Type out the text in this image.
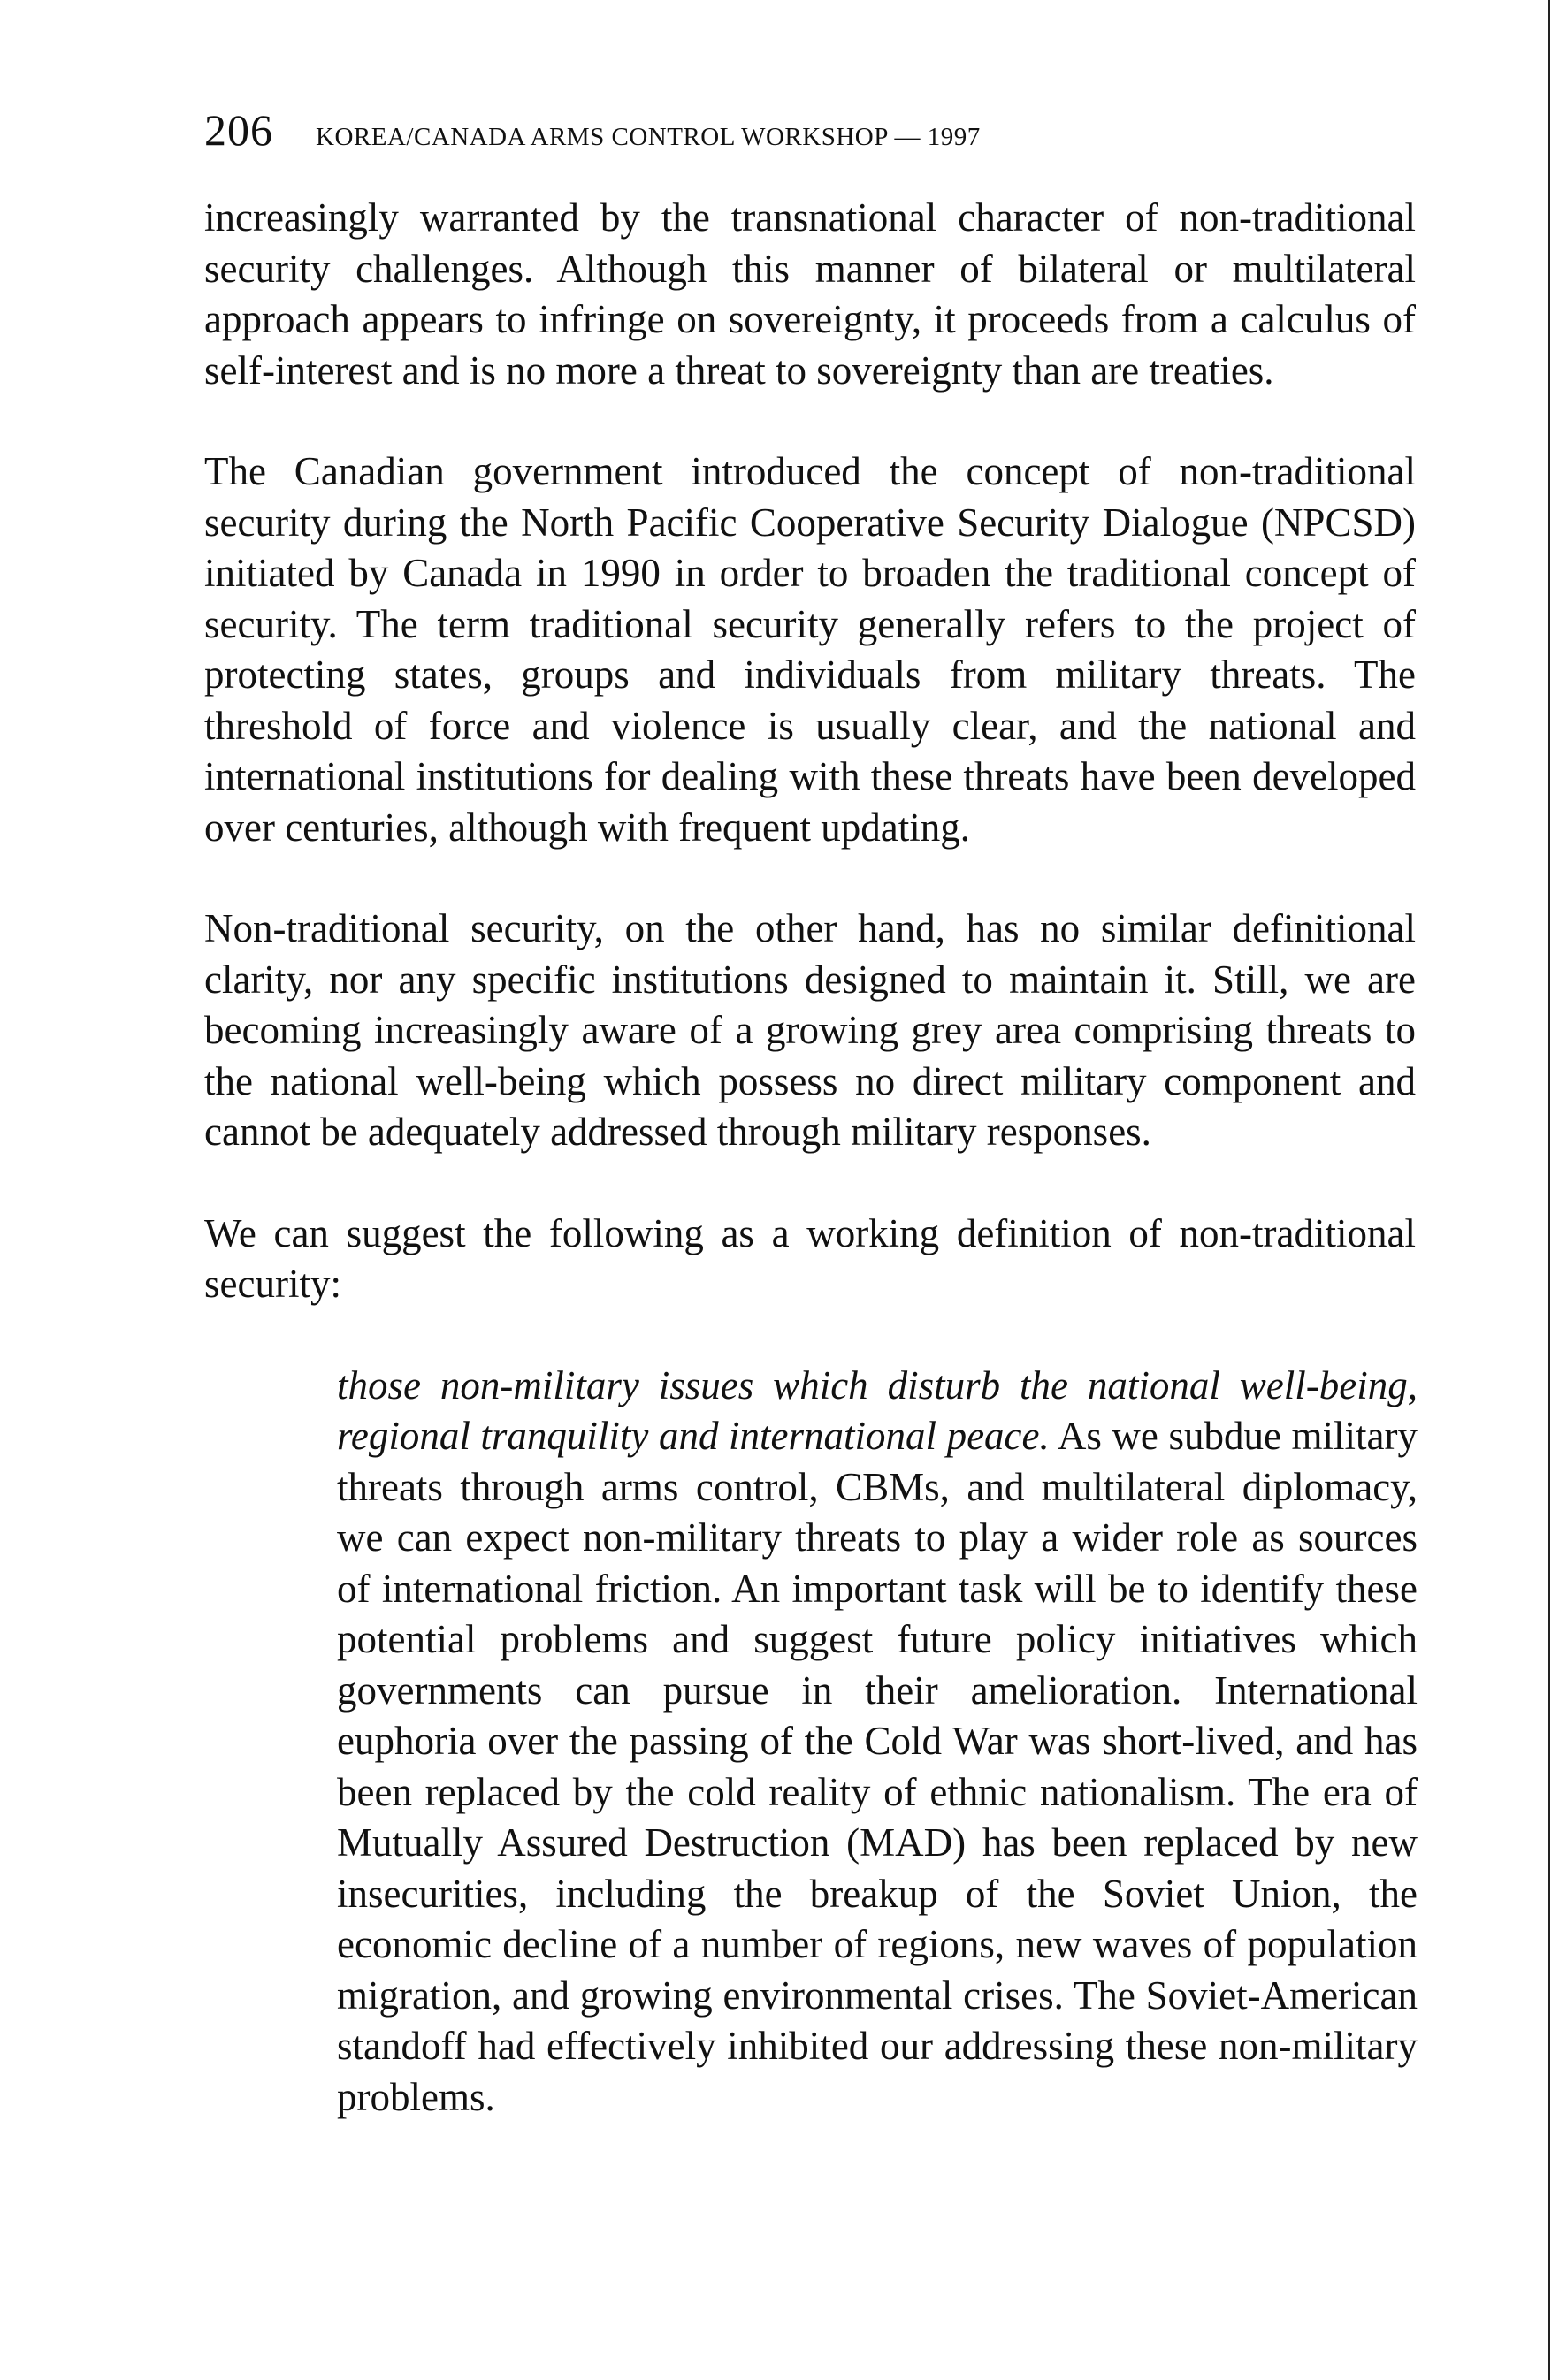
206 KOREA/CANADA ARMS CONTROL WORKSHOP — 1997

increasingly warranted by the transnational character of non-traditional security challenges. Although this manner of bilateral or multilateral approach appears to infringe on sovereignty, it proceeds from a calculus of self-interest and is no more a threat to sovereignty than are treaties.

The Canadian government introduced the concept of non-traditional security during the North Pacific Cooperative Security Dialogue (NPCSD) initiated by Canada in 1990 in order to broaden the traditional concept of security. The term traditional security generally refers to the project of protecting states, groups and individuals from military threats. The threshold of force and violence is usually clear, and the national and international institutions for dealing with these threats have been developed over centuries, although with frequent updating.

Non-traditional security, on the other hand, has no similar definitional clarity, nor any specific institutions designed to maintain it. Still, we are becoming increasingly aware of a growing grey area comprising threats to the national well-being which possess no direct military component and cannot be adequately addressed through military responses.

We can suggest the following as a working definition of non-traditional security:

those non-military issues which disturb the national well-being, regional tranquility and international peace. As we subdue military threats through arms control, CBMs, and multilateral diplomacy, we can expect non-military threats to play a wider role as sources of international friction. An important task will be to identify these potential problems and suggest future policy initiatives which governments can pursue in their amelioration. International euphoria over the passing of the Cold War was short-lived, and has been replaced by the cold reality of ethnic nationalism. The era of Mutually Assured Destruction (MAD) has been replaced by new insecurities, including the breakup of the Soviet Union, the economic decline of a number of regions, new waves of population migration, and growing environmental crises. The Soviet-American standoff had effectively inhibited our addressing these non-military problems.
